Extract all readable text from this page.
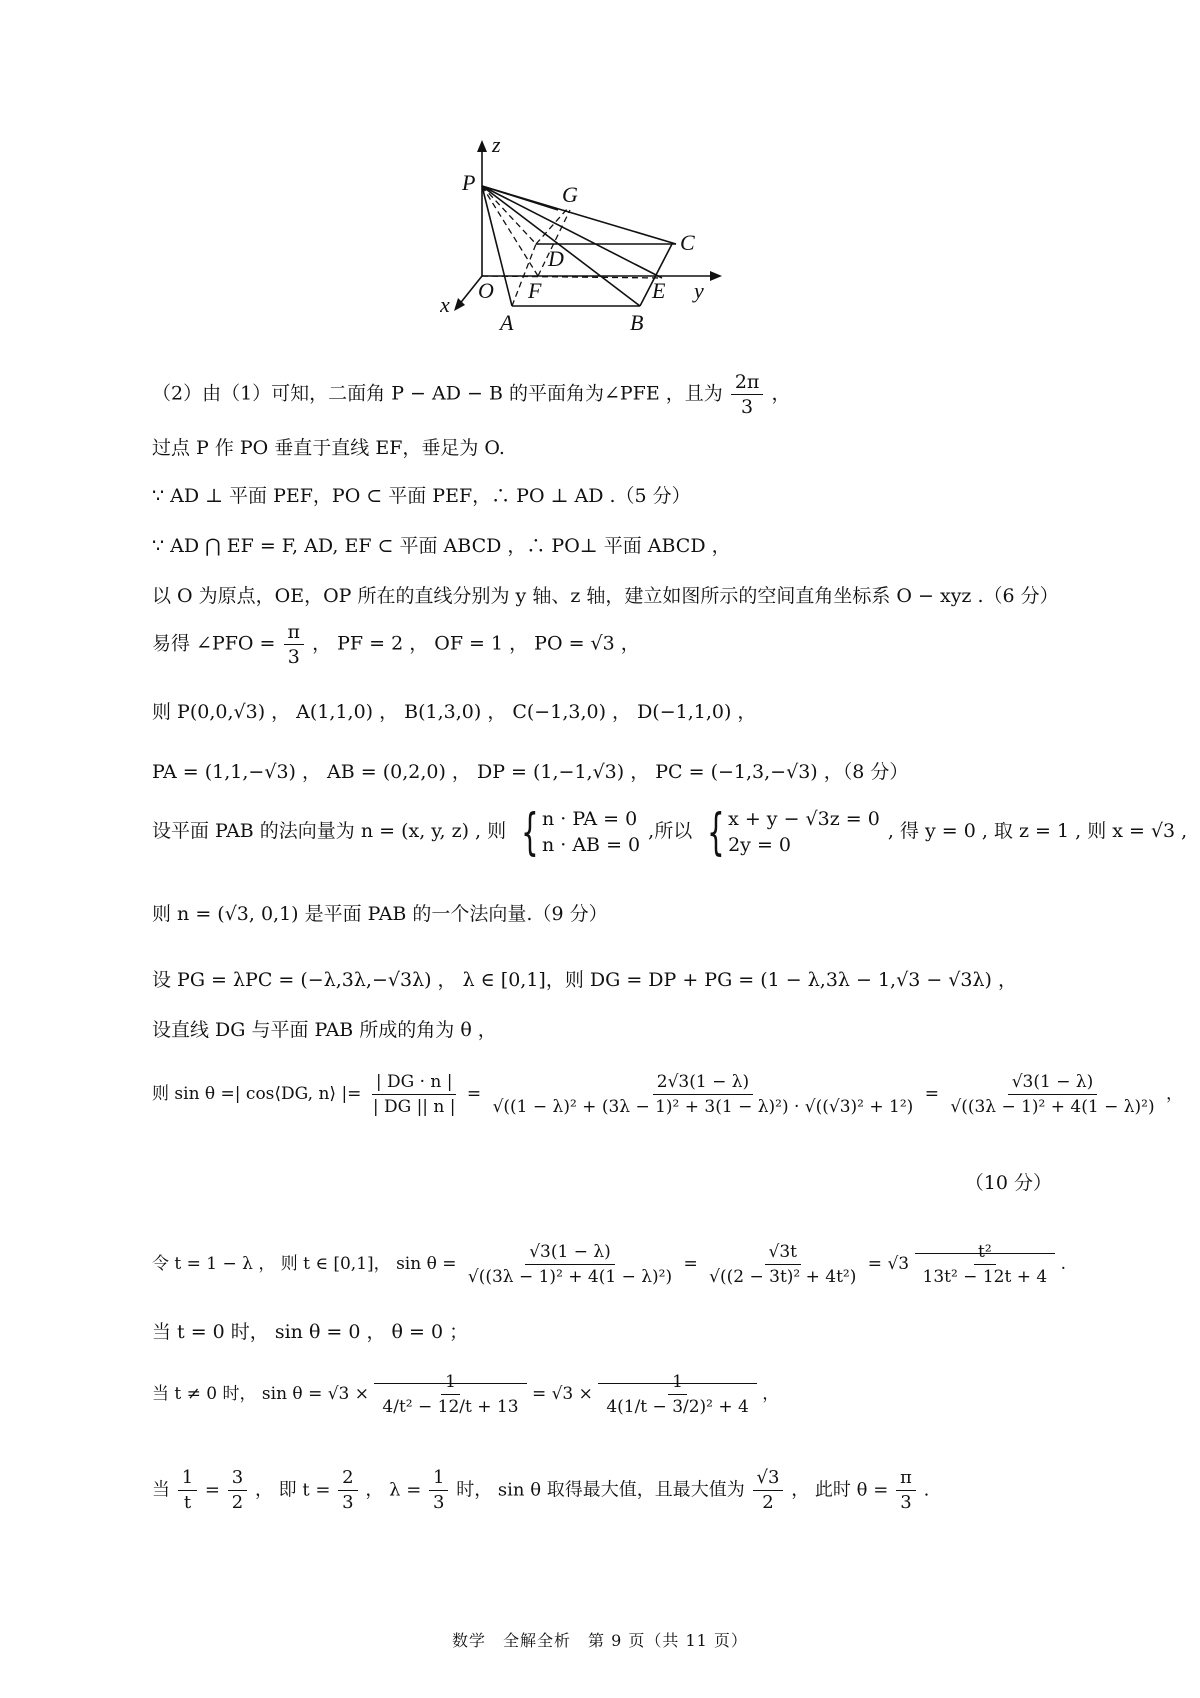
z
P	G
C
D
O F	E y
x
A	B
（2）由（1）可知，二面角 P − AD − B 的平面角为∠PFE ，且为 $\frac{2\pi}{3}$ ，
过点 P 作 PO 垂直于直线 EF，垂足为 O.
∵ AD ⊥ 平面 PEF，PO ⊂ 平面 PEF，∴ PO ⊥ AD .（5 分）
∵ AD ⋂ EF = F, AD, EF ⊂ 平面 ABCD ，∴ PO⊥ 平面 ABCD ，
以 O 为原点，OE，OP 所在的直线分别为 y 轴、z 轴，建立如图所示的空间直角坐标系 O − xyz .（6 分）
易得 ∠PFO = $\frac{\pi}{3}$ ， PF = 2 ， OF = 1 ， PO = √3 ，
则 P(0,0,√3) ， A(1,1,0) ， B(1,3,0) ， C(−1,3,0) ， D(−1,1,0) ，
PA = (1,1,−√3) ， AB = (0,2,0) ， DP = (1,−1,√3) ， PC = (−1,3,−√3) ，（8 分）
设平面 PAB 的法向量为 n = (x, y, z) , 则 { n · PA = 0
n · AB = 0
,所以 { x + y − √3z = 0
2y = 0
, 得 y = 0 , 取 z = 1 , 则 x = √3 ,
则 n = (√3, 0,1) 是平面 PAB 的一个法向量.（9 分）
设 PG = λPC = (−λ,3λ,−√3λ) ， λ ∈ [0,1]，则 DG = DP + PG = (1 − λ,3λ − 1,√3 − √3λ) ，
设直线 DG 与平面 PAB 所成的角为 θ ，
则 sin θ =| cos⟨DG, n⟩ |= $\frac{| DG \cdot n |}{| DG || n |} = \frac{2√3(1 - \lambda)}{\text{√((1 − λ)² + (3λ − 1)² + 3(1 − λ)²) · √((√3)² + 1²)}} = \frac{√3(1 - \lambda)}{\text{√((3λ − 1)² + 4(1 − λ)²)}}$ ，
（10 分）
令 t = 1 − λ ， 则 t ∈ [0,1]， $\sin \theta = \frac{√3(1 - \lambda)}{\text{√((3λ − 1)² + 4(1 − λ)²)}} = \frac{√3t}{\text{√((2 − 3t)² + 4t²)}} = √3 \frac{\text{t²}}{\text{13t² − 12t + 4}}$ .
当 t = 0 时， sin θ = 0 ， θ = 0 ；
当 t ≠ 0 时， $\sin \theta = √3 \times \frac{1}{\text{4/t² − 12/t + 13}} = √3 \times \frac{1}{\text{4(1/t − 3/2)² + 4}}$ ，
当 $\frac{1}{t} = \frac{3}{2}$ ， 即 $t = \frac{2}{3}$ ， $\lambda = \frac{1}{3}$ 时， sin θ 取得最大值，且最大值为 $\frac{√3}{2}$ ， 此时 $\theta = \frac{\pi}{3}$ .
数学　全解全析　第 9 页（共 11 页）
